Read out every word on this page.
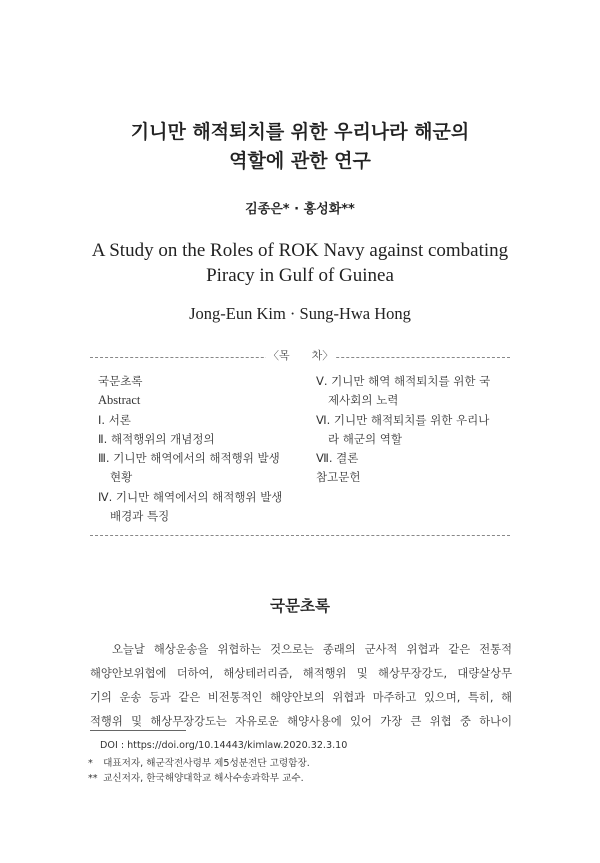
기니만 해적퇴치를 위한 우리나라 해군의
역할에 관한 연구
김종은* · 홍성화**
A Study on the Roles of ROK Navy against combating
Piracy in Gulf of Guinea
Jong-Eun Kim · Sung-Hwa Hong
〈목　　차〉
국문초록
Abstract
Ⅰ. 서론
Ⅱ. 해적행위의 개념정의
Ⅲ. 기니만 해역에서의 해적행위 발생
현황
Ⅳ. 기니만 해역에서의 해적행위 발생
배경과 특징
Ⅴ. 기니만 해역 해적퇴치를 위한 국
제사회의 노력
Ⅵ. 기니만 해적퇴치를 위한 우리나
라 해군의 역할
Ⅶ. 결론
참고문헌
국문초록
오늘날 해상운송을 위협하는 것으로는 종래의 군사적 위협과 같은 전통적
해양안보위협에 더하여, 해상테러리즘, 해적행위 및 해상무장강도, 대량살상무
기의 운송 등과 같은 비전통적인 해양안보의 위협과 마주하고 있으며, 특히, 해
적행위 및 해상무장강도는 자유로운 해양사용에 있어 가장 큰 위협 중 하나이
DOI : https://doi.org/10.14443/kimlaw.2020.32.3.10
* 대표저자, 해군작전사령부 제5성분전단 고령함장.
** 교신저자, 한국해양대학교 해사수송과학부 교수.
